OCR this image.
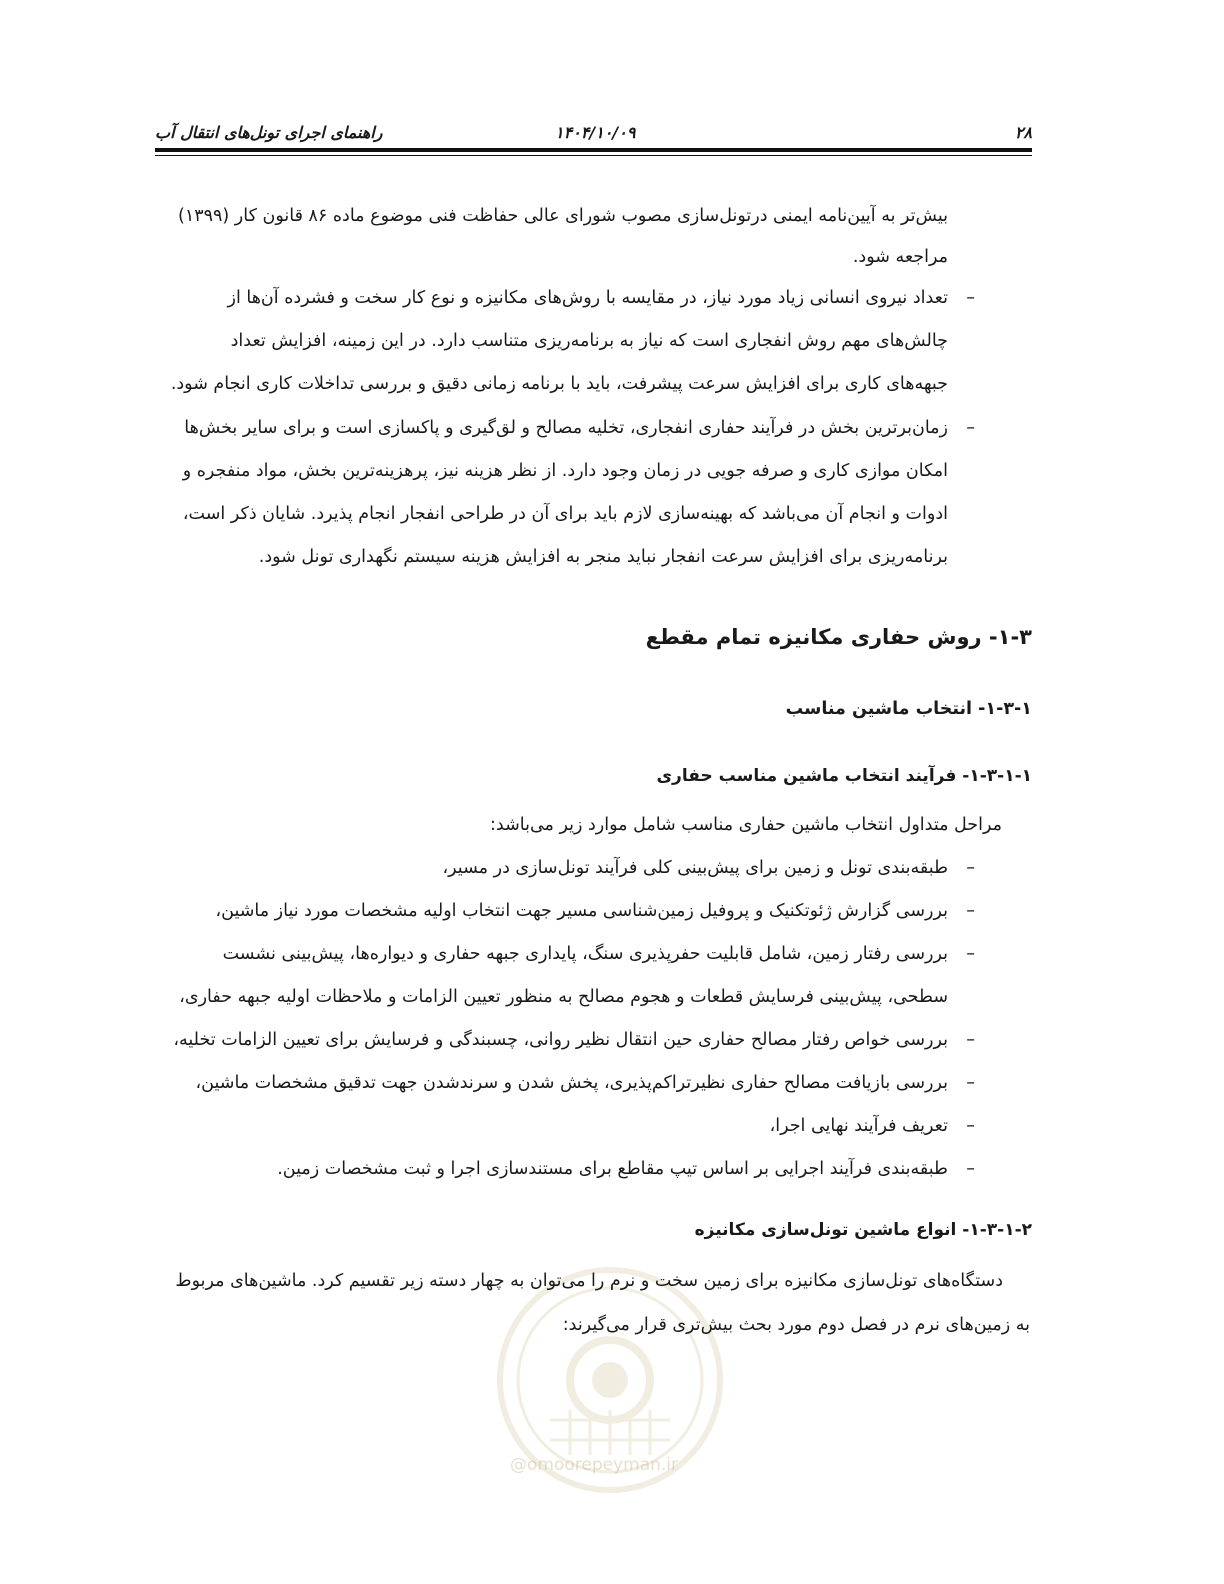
۲۸
۱۴۰۴/۱۰/۰۹
راهنمای اجرای تونل‌های انتقال آب
بیش‌تر به آیین‌نامه ایمنی درتونل‌سازی مصوب شورای عالی حفاظت فنی موضوع ماده ۸۶ قانون کار (۱۳۹۹)
مراجعه شود.
–
تعداد نیروی انسانی زیاد مورد نیاز، در مقایسه با روش‌های مکانیزه و نوع کار سخت و فشرده آن‌ها از
چالش‌های مهم روش انفجاری است که نیاز به برنامه‌ریزی متناسب دارد. در این زمینه، افزایش تعداد
جبهه‌های کاری برای افزایش سرعت پیشرفت، باید با برنامه زمانی دقیق و بررسی تداخلات کاری انجام شود.
–
زمان‌برترین بخش در فرآیند حفاری انفجاری، تخلیه مصالح و لق‌گیری و پاکسازی است و برای سایر بخش‌ها
امکان موازی کاری و صرفه جویی در زمان وجود دارد. از نظر هزینه نیز، پرهزینه‌ترین بخش، مواد منفجره و
ادوات و انجام آن می‌باشد که بهینه‌سازی لازم باید برای آن در طراحی انفجار انجام پذیرد. شایان ذکر است،
برنامه‌ریزی برای افزایش سرعت انفجار نباید منجر به افزایش هزینه سیستم نگهداری تونل شود.
۱-۳- روش حفاری مکانیزه تمام مقطع
۱-۳-۱- انتخاب ماشین مناسب
۱-۳-۱-۱- فرآیند انتخاب ماشین مناسب حفاری
مراحل متداول انتخاب ماشین حفاری مناسب شامل موارد زیر می‌باشد:
–
طبقه‌بندی تونل و زمین برای پیش‌بینی کلی فرآیند تونل‌سازی در مسیر،
–
بررسی گزارش ژئوتکنیک و پروفیل زمین‌شناسی مسیر جهت انتخاب اولیه مشخصات مورد نیاز ماشین،
–
بررسی رفتار زمین، شامل قابلیت حفرپذیری سنگ، پایداری جبهه حفاری و دیواره‌ها، پیش‌بینی نشست
سطحی، پیش‌بینی فرسایش قطعات و هجوم مصالح به منظور تعیین الزامات و ملاحظات اولیه جبهه حفاری،
–
بررسی خواص رفتار مصالح حفاری حین انتقال نظیر روانی، چسبندگی و فرسایش برای تعیین الزامات تخلیه،
–
بررسی بازیافت مصالح حفاری نظیرتراکم‌پذیری، پخش شدن و سرندشدن جهت تدقیق مشخصات ماشین،
–
تعریف فرآیند نهایی اجرا،
–
طبقه‌بندی فرآیند اجرایی بر اساس تیپ مقاطع برای مستندسازی اجرا و ثبت مشخصات زمین.
۱-۳-۱-۲- انواع ماشین تونل‌سازی مکانیزه
@omoorepeyman.ir
دستگاه‌های تونل‌سازی مکانیزه برای زمین سخت و نرم را می‌توان به چهار دسته زیر تقسیم کرد. ماشین‌های مربوط
به زمین‌های نرم در فصل دوم مورد بحث بیش‌تری قرار می‌گیرند:
